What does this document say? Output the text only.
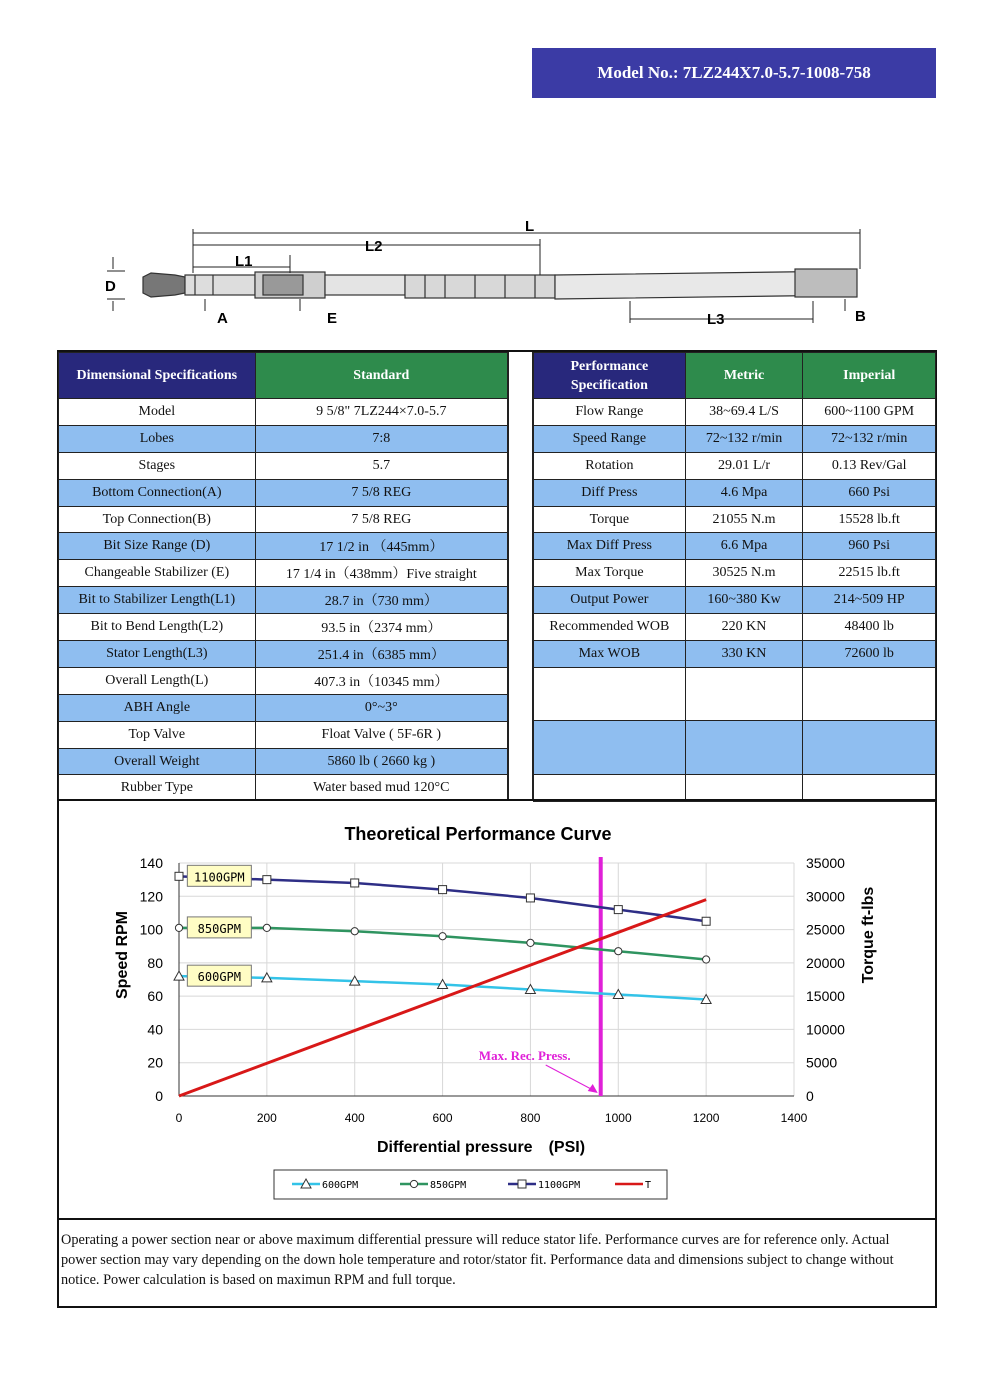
Model No.: 7LZ244X7.0-5.7-1008-758
L
L2
L1
L3
D
A	E	B
Dimensional Specifications	Standard
Model	9 5/8" 7LZ244×7.0-5.7
Lobes	7:8
Stages	5.7
Bottom Connection(A)	7 5/8 REG
Top Connection(B)	7 5/8 REG
Bit Size Range (D)	17 1/2 in （445mm）
Changeable Stabilizer (E)	17 1/4 in（438mm）Five straight
Bit to Stabilizer Length(L1)	28.7 in（730 mm）
Bit to Bend Length(L2)	93.5 in（2374 mm）
Stator Length(L3)	251.4 in（6385 mm）
Overall Length(L)	407.3 in（10345 mm）
ABH Angle	0°~3°
Top Valve	Float Valve ( 5F-6R )
Overall Weight	5860 lb ( 2660 kg )
Rubber Type	Water based mud 120°C
Performance Specification	Metric	Imperial
Flow Range	38~69.4 L/S	600~1100 GPM
Speed Range	72~132 r/min	72~132 r/min
Rotation	29.01 L/r	0.13 Rev/Gal
Diff Press	4.6 Mpa	660 Psi
Torque	21055 N.m	15528 lb.ft
Max Diff Press	6.6 Mpa	960 Psi
Max Torque	30525 N.m	22515 lb.ft
Output Power	160~380 Kw	214~509 HP
Recommended WOB	220 KN	48400 lb
Max WOB	330 KN	72600 lb

Theoretical Performance Curve
0	200	400	600	800	1000	1200	1400
0
20
40
60
80
100
120
140
0
5000
10000
15000
20000
25000
30000
35000
Max. Rec. Press.
1100GPM
850GPM
600GPM
Speed RPM	Torque ft-lbs
Differential pressure　(PSI)
600GPM	850GPM	1100GPM	T
Operating a power section near or above maximum differential pressure will reduce stator life. Performance curves are for reference only. Actual power section may vary depending on the down hole temperature and rotor/stator fit. Performance data and dimensions subject to change without notice. Power calculation is based on maximun RPM and full torque.
